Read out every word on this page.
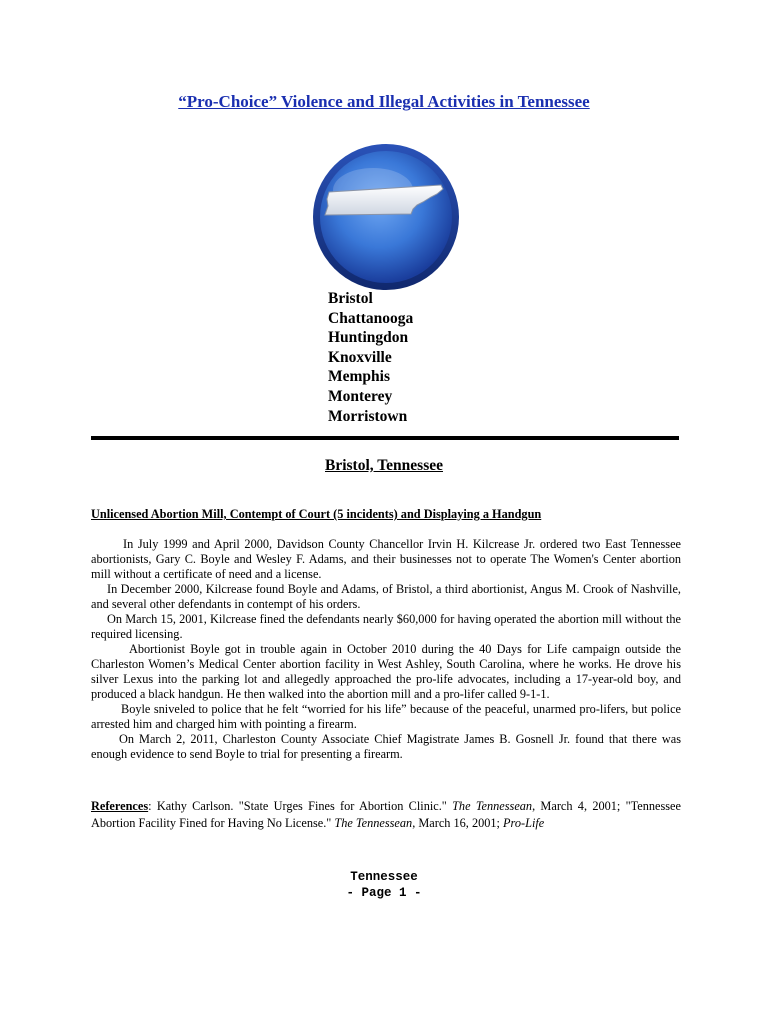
“Pro-Choice” Violence and Illegal Activities in Tennessee
Bristol
Chattanooga
Huntingdon
Knoxville
Memphis
Monterey
Morristown
Bristol, Tennessee
Unlicensed Abortion Mill, Contempt of Court (5 incidents) and Displaying a Handgun

In July 1999 and April 2000, Davidson County Chancellor Irvin H. Kilcrease Jr. ordered two East Tennessee abortionists, Gary C. Boyle and Wesley F. Adams, and their businesses not to operate The Women's Center abortion mill without a certificate of need and a license.

In December 2000, Kilcrease found Boyle and Adams, of Bristol, a third abortionist, Angus M. Crook of Nashville, and several other defendants in contempt of his orders.

On March 15, 2001, Kilcrease fined the defendants nearly $60,000 for having operated the abortion mill without the required licensing.

Abortionist Boyle got in trouble again in October 2010 during the 40 Days for Life campaign outside the Charleston Women’s Medical Center abortion facility in West Ashley, South Carolina, where he works. He drove his silver Lexus into the parking lot and allegedly approached the pro-life advocates, including a 17-year-old boy, and produced a black handgun. He then walked into the abortion mill and a pro-lifer called 9-1-1.

Boyle sniveled to police that he felt “worried for his life” because of the peaceful, unarmed pro-lifers, but police arrested him and charged him with pointing a firearm.

On March 2, 2011, Charleston County Associate Chief Magistrate James B. Gosnell Jr. found that there was enough evidence to send Boyle to trial for presenting a firearm.

References: Kathy Carlson. "State Urges Fines for Abortion Clinic." The Tennessean, March 4, 2001; "Tennessee Abortion Facility Fined for Having No License." The Tennessean, March 16, 2001; Pro-Life
Tennessee
- Page 1 -
